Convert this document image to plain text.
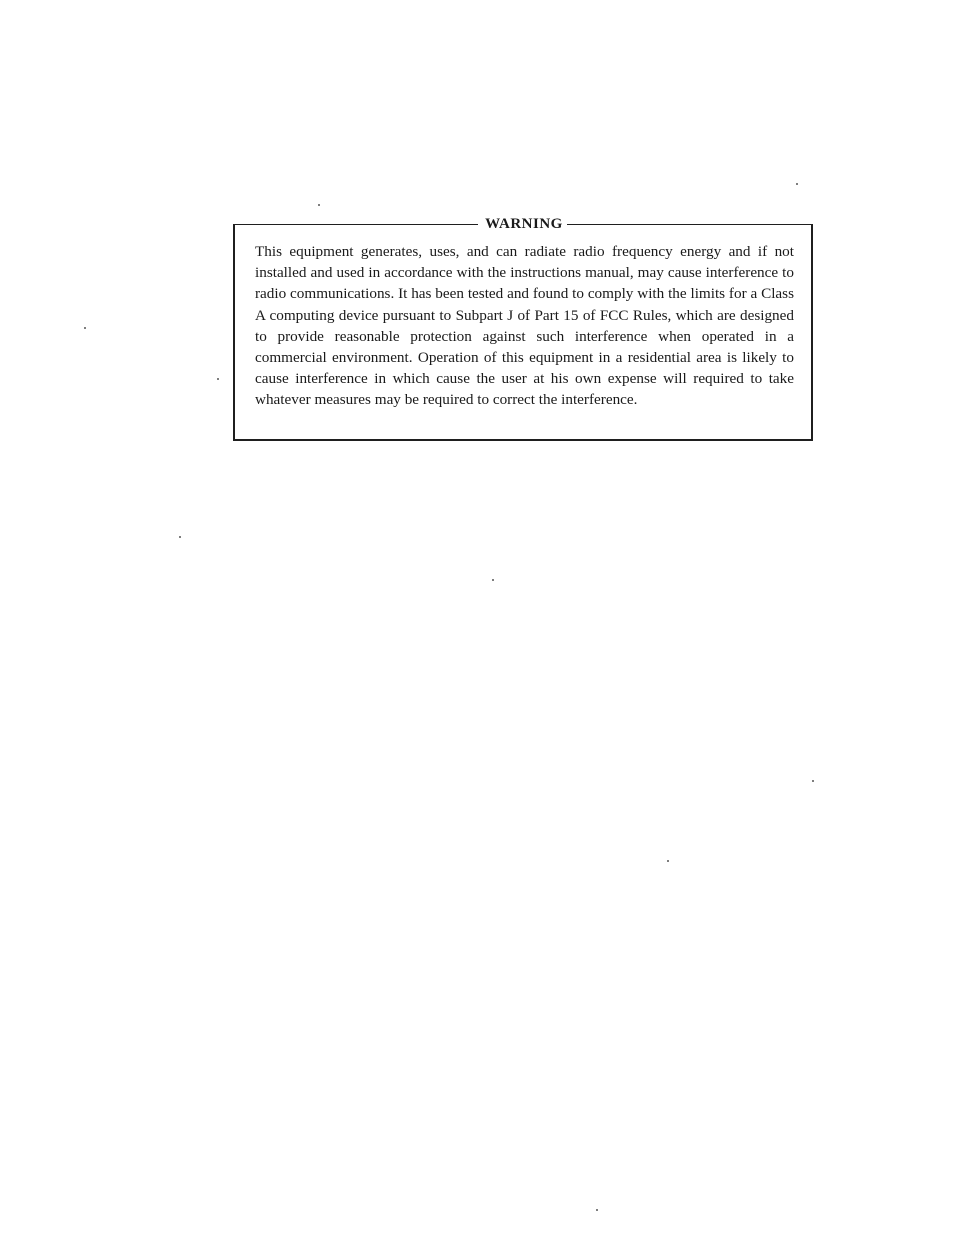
WARNING

This equipment generates, uses, and can radiate radio frequency energy and if not installed and used in accordance with the instructions manual, may cause interference to radio communications. It has been tested and found to comply with the limits for a Class A computing device pursuant to Subpart J of Part 15 of FCC Rules, which are designed to provide reasonable protection against such interference when operated in a commercial environment. Operation of this equipment in a residential area is likely to cause interference in which cause the user at his own expense will required to take whatever measures may be required to correct the interference.
